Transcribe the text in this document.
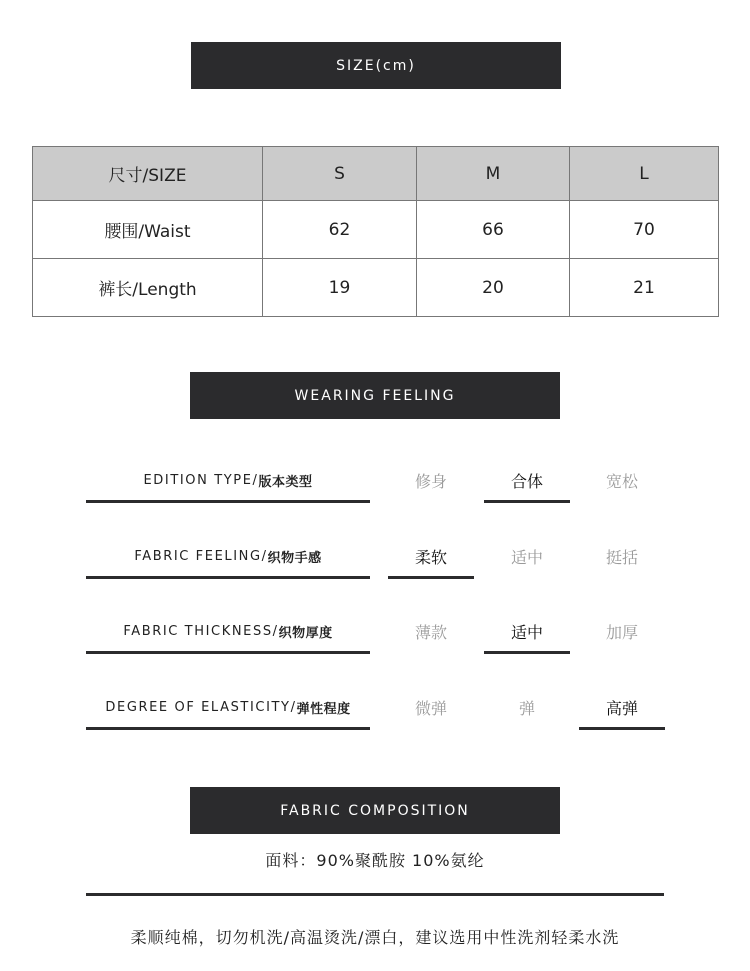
SIZE(cm)
尺寸/SIZE	S	M	L
腰围/Waist	62	66	70
裤长/Length	19	20	21
WEARING FEELING
EDITION TYPE/ 版本类型	修身	合体	宽松
FABRIC FEELING/ 织物手感	柔软	适中	挺括
FABRIC THICKNESS/ 织物厚度	薄款	适中	加厚
DEGREE OF ELASTICITY/ 弹性程度	微弹	弹	高弹
FABRIC COMPOSITION
面料：90%聚酰胺 10%氨纶
柔顺纯棉，切勿机洗/高温烫洗/漂白，建议选用中性洗剂轻柔水洗
